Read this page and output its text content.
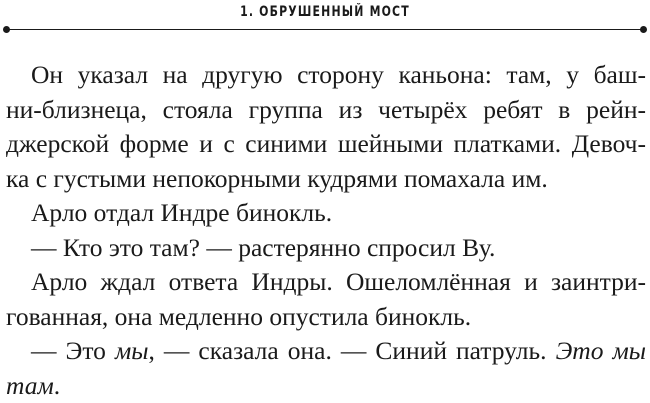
1. ОБРУШЕННЫЙ МОСТ
Он указал на другую сторону каньона: там, у баш-
ни-близнеца, стояла группа из четырёх ребят в рейн-
джерской форме и с синими шейными платками. Девоч-
ка с густыми непокорными кудрями помахала им.
Арло отдал Индре бинокль.
— Кто это там? — растерянно спросил Ву.
Арло ждал ответа Индры. Ошеломлённая и заинтри-
гованная, она медленно опустила бинокль.
— Это мы, — сказала она. — Синий патруль. Это мы
там.
